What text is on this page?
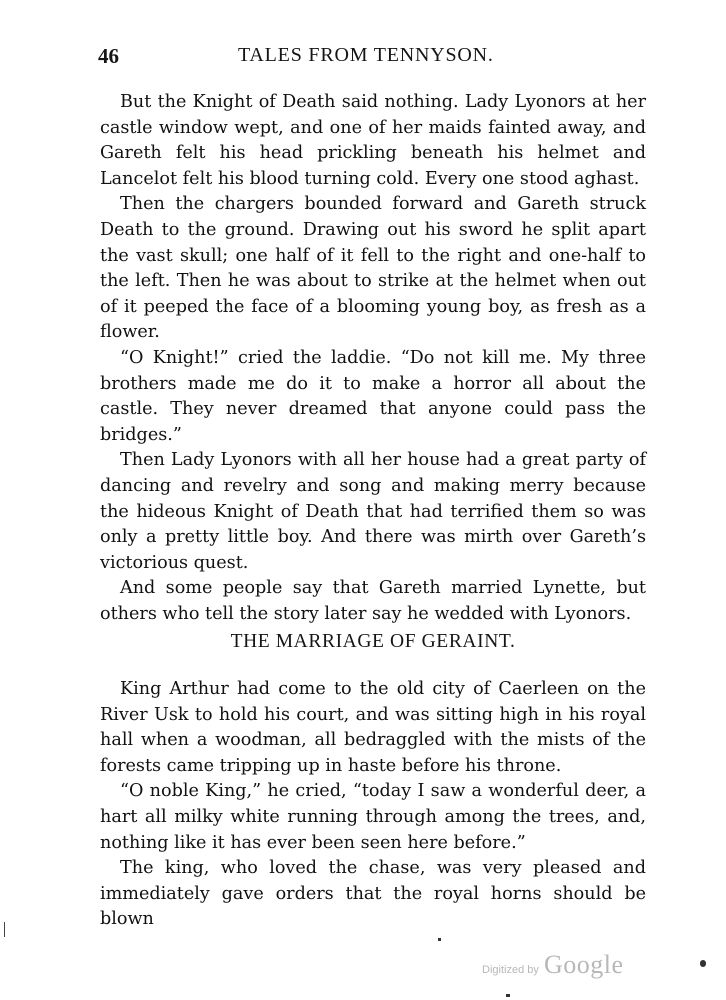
46	TALES FROM TENNYSON.

But the Knight of Death said nothing. Lady Lyonors at her castle window wept, and one of her maids fainted away, and Gareth felt his head prickling beneath his helmet and Lancelot felt his blood turning cold. Every one stood aghast.

Then the chargers bounded forward and Gareth struck Death to the ground. Drawing out his sword he split apart the vast skull; one half of it fell to the right and one-half to the left. Then he was about to strike at the helmet when out of it peeped the face of a blooming young boy, as fresh as a flower.

“O Knight!” cried the laddie. “Do not kill me. My three brothers made me do it to make a horror all about the castle. They never dreamed that anyone could pass the bridges.”

Then Lady Lyonors with all her house had a great party of dancing and revelry and song and making merry because the hideous Knight of Death that had terrified them so was only a pretty little boy. And there was mirth over Gareth’s victorious quest.

And some people say that Gareth married Lynette, but others who tell the story later say he wedded with Lyonors.

THE MARRIAGE OF GERAINT.

King Arthur had come to the old city of Caerleen on the River Usk to hold his court, and was sitting high in his royal hall when a woodman, all bedraggled with the mists of the forests came tripping up in haste before his throne.

“O noble King,” he cried, “today I saw a wonderful deer, a hart all milky white running through among the trees, and, nothing like it has ever been seen here before.”

The king, who loved the chase, was very pleased and immediately gave orders that the royal horns should be blown

Digitized by Google
